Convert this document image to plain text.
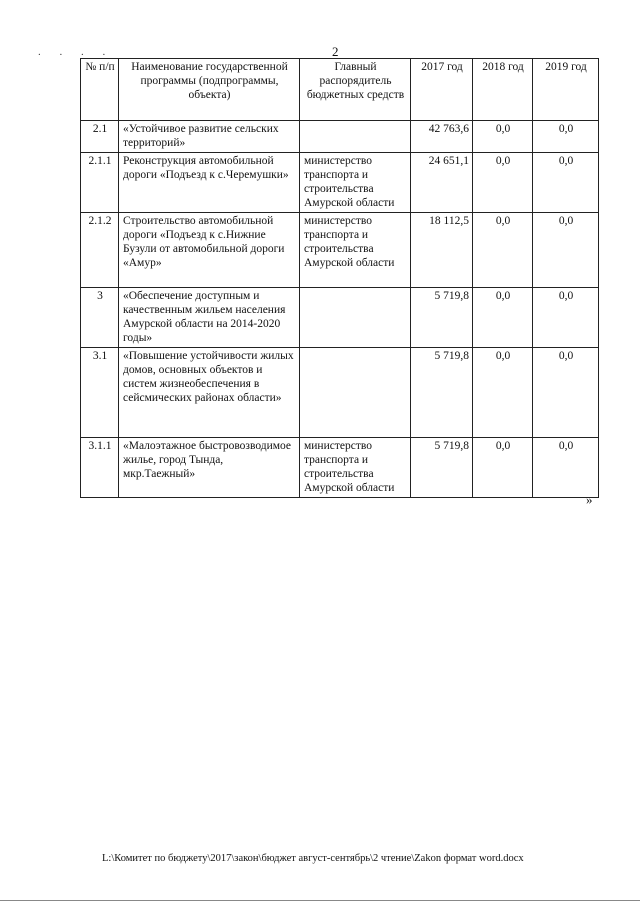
. . . .	2
№ п/п	Наименование государственной программы (подпрограммы, объекта)	Главный распорядитель бюджетных средств	2017 год	2018 год	2019 год
2.1	«Устойчивое развитие сельских территорий»		42 763,6	0,0	0,0
2.1.1	Реконструкция автомобильной дороги «Подъезд к с.Черемушки»	министерство транспорта и строительства Амурской области	24 651,1	0,0	0,0
2.1.2	Строительство автомобильной дороги «Подъезд к с.Нижние Бузули от автомобильной дороги «Амур»	министерство транспорта и строительства Амурской области	18 112,5	0,0	0,0
3	«Обеспечение доступным и качественным жильем населения Амурской области на 2014-2020 годы»		5 719,8	0,0	0,0
3.1	«Повышение устойчивости жилых домов, основных объектов и систем жизнеобеспечения в сейсмических районах области»		5 719,8	0,0	0,0
3.1.1	«Малоэтажное быстровозводимое жилье, город Тында, мкр.Таежный»	министерство транспорта и строительства Амурской области	5 719,8	0,0	0,0
»
L:\Комитет по бюджету\2017\закон\бюджет август-сентябрь\2 чтение\Zakon формат word.docx
